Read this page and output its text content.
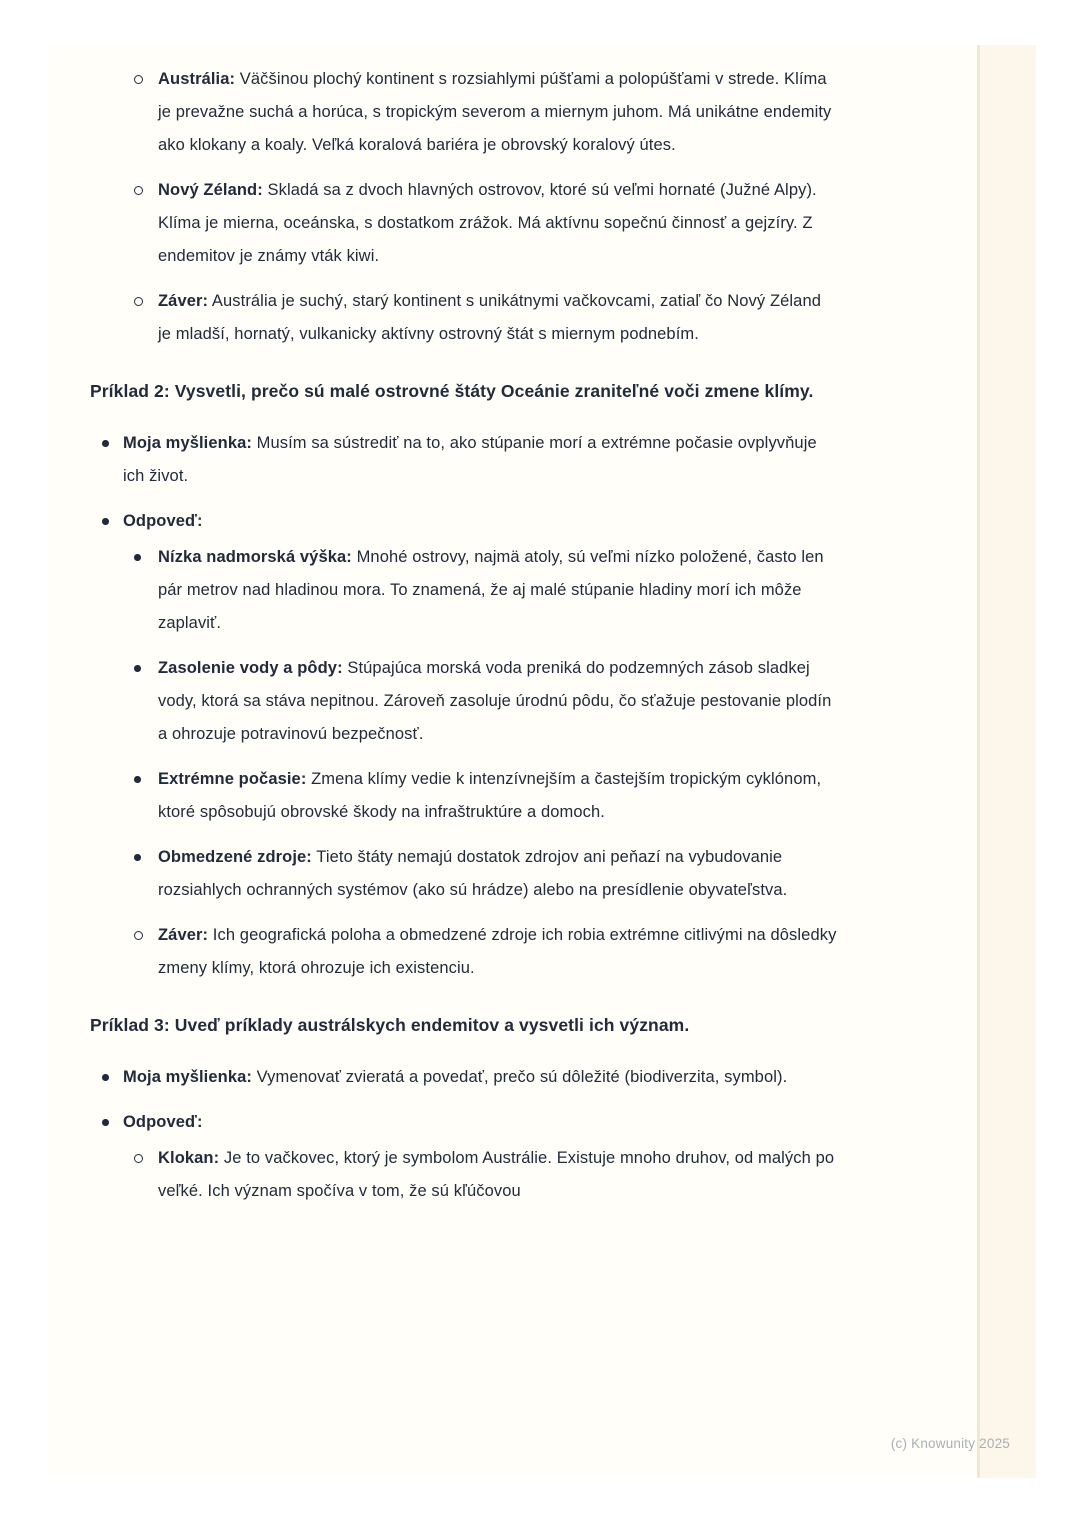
Austrália: Väčšinou plochý kontinent s rozsiahlymi púšťami a polopúšťami v strede. Klíma je prevažne suchá a horúca, s tropickým severom a miernym juhom. Má unikátne endemity ako klokany a koaly. Veľká koralová bariéra je obrovský koralový útes.
Nový Zéland: Skladá sa z dvoch hlavných ostrovov, ktoré sú veľmi hornaté (Južné Alpy). Klíma je mierna, oceánska, s dostatkom zrážok. Má aktívnu sopečnú činnosť a gejzíry. Z endemitov je známy vták kiwi.
Záver: Austrália je suchý, starý kontinent s unikátnymi vačkovcami, zatiaľ čo Nový Zéland je mladší, hornatý, vulkanicky aktívny ostrovný štát s miernym podnebím.
Príklad 2: Vysvetli, prečo sú malé ostrovné štáty Oceánie zraniteľné voči zmene klímy.
Moja myšlienka: Musím sa sústrediť na to, ako stúpanie morí a extrémne počasie ovplyvňuje ich život.
Odpoveď:
Nízka nadmorská výška: Mnohé ostrovy, najmä atoly, sú veľmi nízko položené, často len pár metrov nad hladinou mora. To znamená, že aj malé stúpanie hladiny morí ich môže zaplaviť.
Zasolenie vody a pôdy: Stúpajúca morská voda preniká do podzemných zásob sladkej vody, ktorá sa stáva nepitnou. Zároveň zasoluje úrodnú pôdu, čo sťažuje pestovanie plodín a ohrozuje potravinovú bezpečnosť.
Extrémne počasie: Zmena klímy vedie k intenzívnejším a častejším tropickým cyklónom, ktoré spôsobujú obrovské škody na infraštruktúre a domoch.
Obmedzené zdroje: Tieto štáty nemajú dostatok zdrojov ani peňazí na vybudovanie rozsiahlych ochranných systémov (ako sú hrádze) alebo na presídlenie obyvateľstva.
Záver: Ich geografická poloha a obmedzené zdroje ich robia extrémne citlivými na dôsledky zmeny klímy, ktorá ohrozuje ich existenciu.
Príklad 3: Uveď príklady austrálskych endemitov a vysvetli ich význam.
Moja myšlienka: Vymenovať zvieratá a povedať, prečo sú dôležité (biodiverzita, symbol).
Odpoveď:
Klokan: Je to vačkovec, ktorý je symbolom Austrálie. Existuje mnoho druhov, od malých po veľké. Ich význam spočíva v tom, že sú kľúčovou
(c) Knowunity 2025
